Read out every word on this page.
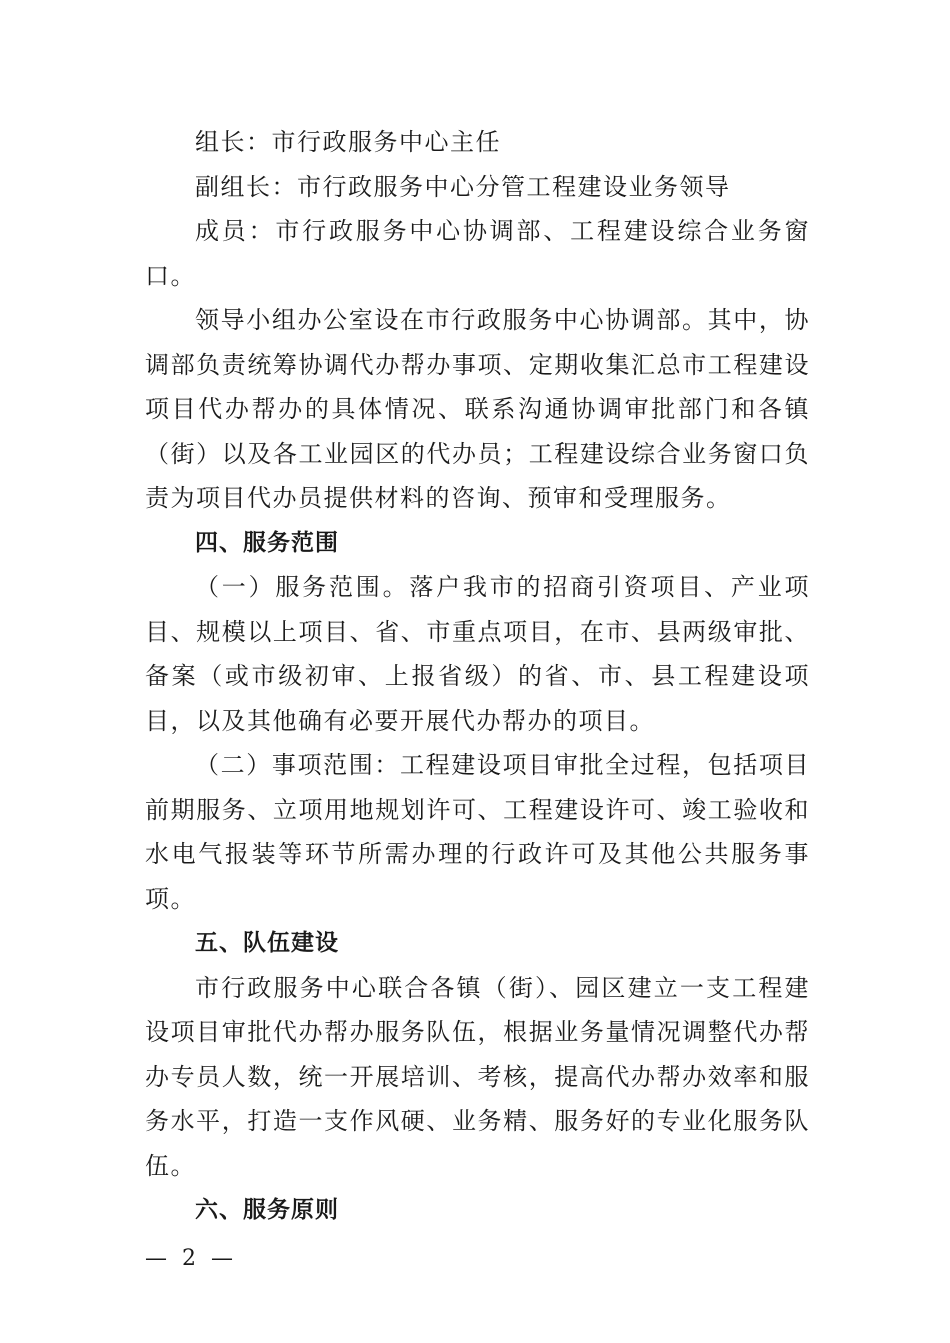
组长：市行政服务中心主任

副组长：市行政服务中心分管工程建设业务领导

成员：市行政服务中心协调部、工程建设综合业务窗口。

领导小组办公室设在市行政服务中心协调部。其中，协调部负责统筹协调代办帮办事项、定期收集汇总市工程建设项目代办帮办的具体情况、联系沟通协调审批部门和各镇（街）以及各工业园区的代办员；工程建设综合业务窗口负责为项目代办员提供材料的咨询、预审和受理服务。

四、服务范围

（一）服务范围。落户我市的招商引资项目、产业项目、规模以上项目、省、市重点项目，在市、县两级审批、备案（或市级初审、上报省级）的省、市、县工程建设项目，以及其他确有必要开展代办帮办的项目。

（二）事项范围：工程建设项目审批全过程，包括项目前期服务、立项用地规划许可、工程建设许可、竣工验收和水电气报装等环节所需办理的行政许可及其他公共服务事项。

五、队伍建设

市行政服务中心联合各镇（街）、园区建立一支工程建设项目审批代办帮办服务队伍，根据业务量情况调整代办帮办专员人数，统一开展培训、考核，提高代办帮办效率和服务水平，打造一支作风硬、业务精、服务好的专业化服务队伍。

六、服务原则

— 2 —
